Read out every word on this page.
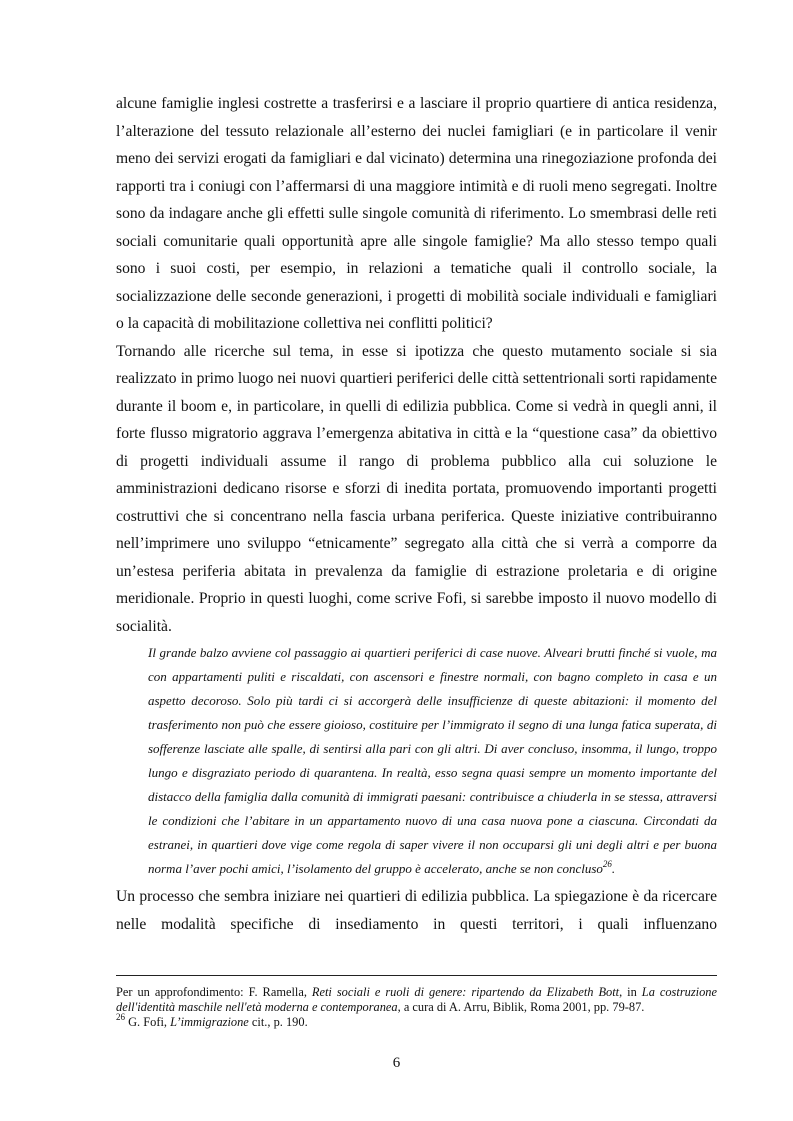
alcune famiglie inglesi costrette a trasferirsi e a lasciare il proprio quartiere di antica residenza, l’alterazione del tessuto relazionale all’esterno dei nuclei famigliari (e in particolare il venir meno dei servizi erogati da famigliari e dal vicinato) determina una rinegoziazione profonda dei rapporti tra i coniugi con l’affermarsi di una maggiore intimità e di ruoli meno segregati. Inoltre sono da indagare anche gli effetti sulle singole comunità di riferimento. Lo smembrasi delle reti sociali comunitarie quali opportunità apre alle singole famiglie? Ma allo stesso tempo quali sono i suoi costi, per esempio, in relazioni a tematiche quali il controllo sociale, la socializzazione delle seconde generazioni, i progetti di mobilità sociale individuali e famigliari o la capacità di mobilitazione collettiva nei conflitti politici?

Tornando alle ricerche sul tema, in esse si ipotizza che questo mutamento sociale si sia realizzato in primo luogo nei nuovi quartieri periferici delle città settentrionali sorti rapidamente durante il boom e, in particolare, in quelli di edilizia pubblica. Come si vedrà in quegli anni, il forte flusso migratorio aggrava l’emergenza abitativa in città e la “questione casa” da obiettivo di progetti individuali assume il rango di problema pubblico alla cui soluzione le amministrazioni dedicano risorse e sforzi di inedita portata, promuovendo importanti progetti costruttivi che si concentrano nella fascia urbana periferica. Queste iniziative contribuiranno nell’imprimere uno sviluppo “etnicamente” segregato alla città che si verrà a comporre da un’estesa periferia abitata in prevalenza da famiglie di estrazione proletaria e di origine meridionale. Proprio in questi luoghi, come scrive Fofi, si sarebbe imposto il nuovo modello di socialità.

Il grande balzo avviene col passaggio ai quartieri periferici di case nuove. Alveari brutti finché si vuole, ma con appartamenti puliti e riscaldati, con ascensori e finestre normali, con bagno completo in casa e un aspetto decoroso. Solo più tardi ci si accorgerà delle insufficienze di queste abitazioni: il momento del trasferimento non può che essere gioioso, costituire per l’immigrato il segno di una lunga fatica superata, di sofferenze lasciate alle spalle, di sentirsi alla pari con gli altri. Di aver concluso, insomma, il lungo, troppo lungo e disgraziato periodo di quarantena. In realtà, esso segna quasi sempre un momento importante del distacco della famiglia dalla comunità di immigrati paesani: contribuisce a chiuderla in se stessa, attraversi le condizioni che l’abitare in un appartamento nuovo di una casa nuova pone a ciascuna. Circondati da estranei, in quartieri dove vige come regola di saper vivere il non occuparsi gli uni degli altri e per buona norma l’aver pochi amici, l’isolamento del gruppo è accelerato, anche se non concluso$^{26}$.

Un processo che sembra iniziare nei quartieri di edilizia pubblica. La spiegazione è da ricercare nelle modalità specifiche di insediamento in questi territori, i quali influenzano

Per un approfondimento: F. Ramella, Reti sociali e ruoli di genere: ripartendo da Elizabeth Bott, in La costruzione dell'identità maschile nell'età moderna e contemporanea, a cura di A. Arru, Biblik, Roma 2001, pp. 79-87.

$^{26}$ G. Fofi, L’immigrazione cit., p. 190.

6
